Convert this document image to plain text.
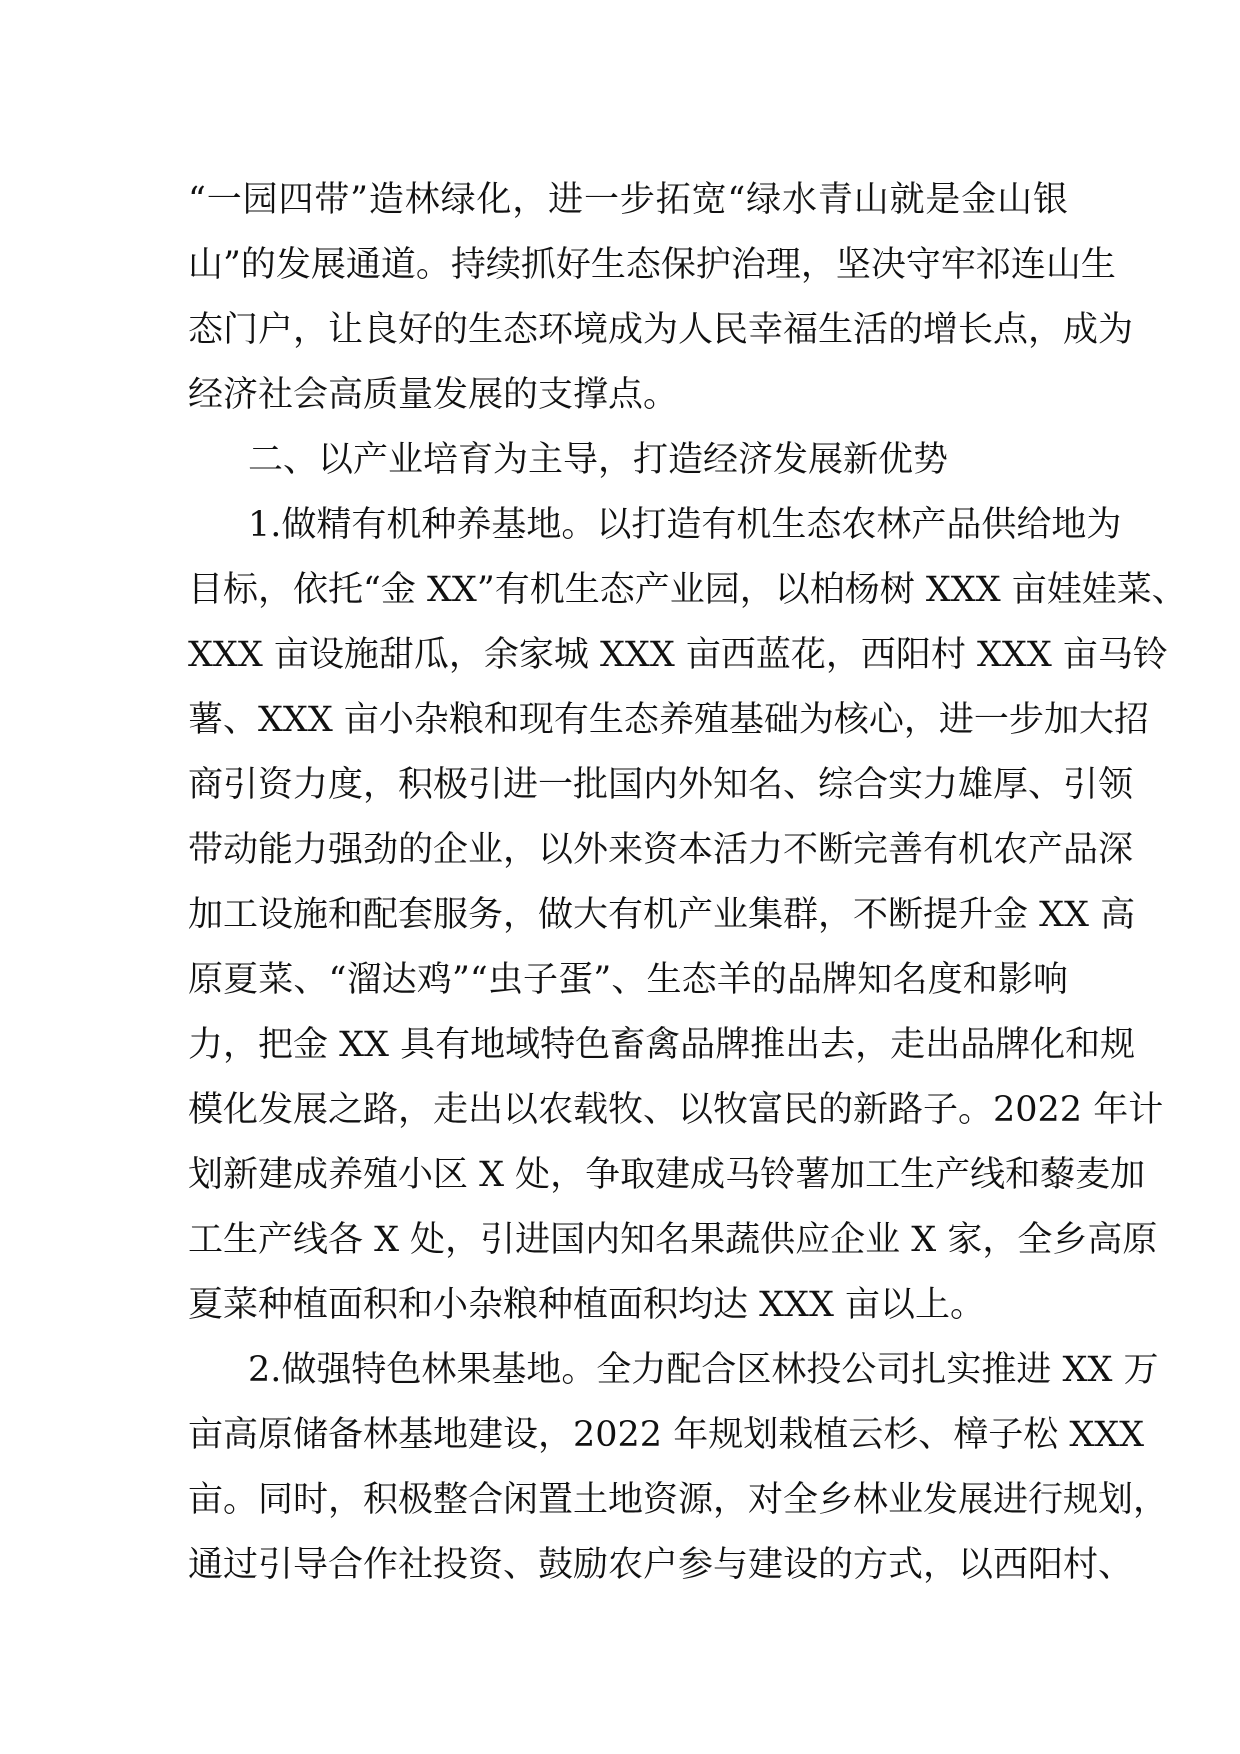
“一园四带”造林绿化，进一步拓宽“绿水青山就是金山银
山”的发展通道。持续抓好生态保护治理，坚决守牢祁连山生
态门户，让良好的生态环境成为人民幸福生活的增长点，成为
经济社会高质量发展的支撑点。
二、以产业培育为主导，打造经济发展新优势
1.做精有机种养基地。以打造有机生态农林产品供给地为
目标，依托“金 XX”有机生态产业园，以柏杨树 XXX 亩娃娃菜、
XXX 亩设施甜瓜，余家城 XXX 亩西蓝花，西阳村 XXX 亩马铃
薯、XXX 亩小杂粮和现有生态养殖基础为核心，进一步加大招
商引资力度，积极引进一批国内外知名、综合实力雄厚、引领
带动能力强劲的企业，以外来资本活力不断完善有机农产品深
加工设施和配套服务，做大有机产业集群，不断提升金 XX 高
原夏菜、“溜达鸡”“虫子蛋”、生态羊的品牌知名度和影响
力，把金 XX 具有地域特色畜禽品牌推出去，走出品牌化和规
模化发展之路，走出以农载牧、以牧富民的新路子。2022 年计
划新建成养殖小区 X 处，争取建成马铃薯加工生产线和藜麦加
工生产线各 X 处，引进国内知名果蔬供应企业 X 家，全乡高原
夏菜种植面积和小杂粮种植面积均达 XXX 亩以上。
2.做强特色林果基地。全力配合区林投公司扎实推进 XX 万
亩高原储备林基地建设，2022 年规划栽植云杉、樟子松 XXX
亩。同时，积极整合闲置土地资源，对全乡林业发展进行规划，
通过引导合作社投资、鼓励农户参与建设的方式，以西阳村、
